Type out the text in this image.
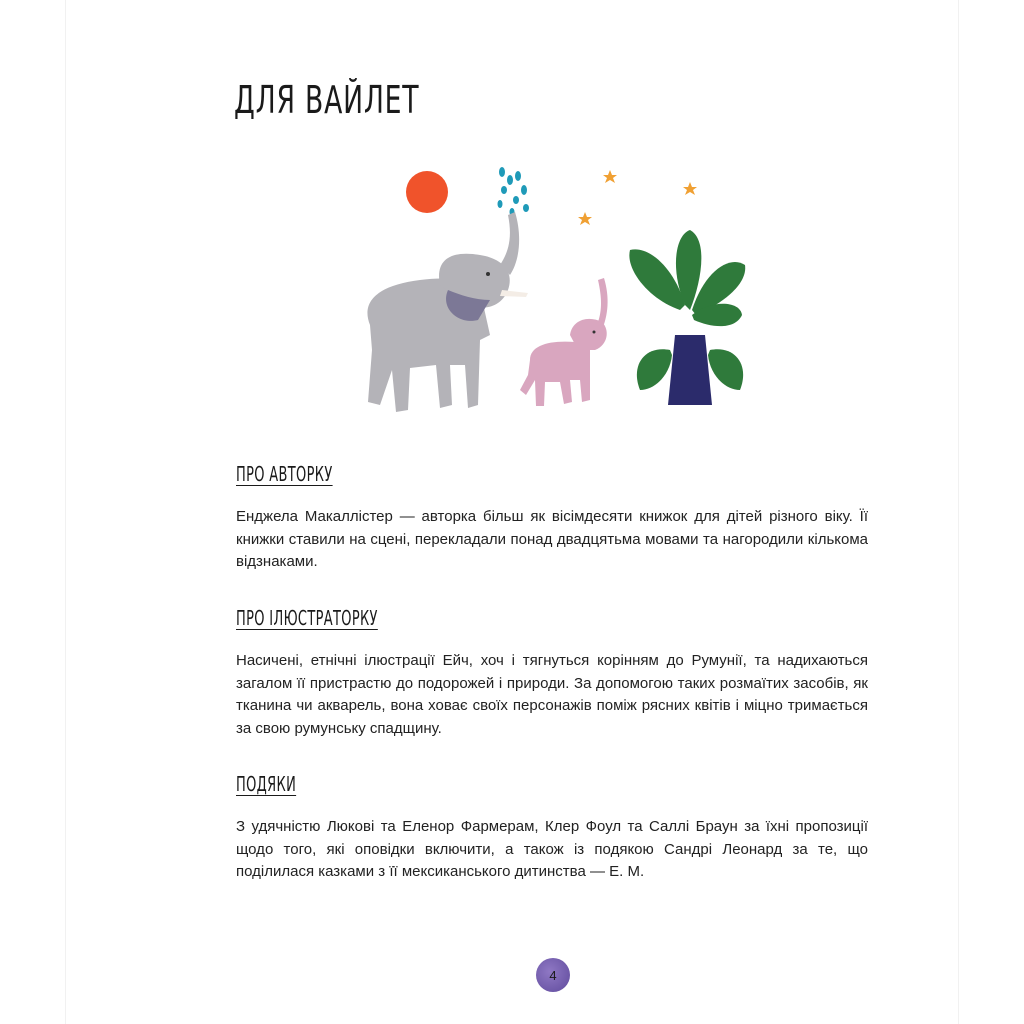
ДЛЯ ВАЙЛЕТ
ПРО АВТОРКУ

Енджела Макаллістер — авторка більш як вісімдесяти книжок для дітей різного віку. Її книжки ставили на сцені, перекладали понад двадцятьма мовами та нагородили кількома відзнаками.

ПРО ІЛЮСТРАТОРКУ

Насичені, етнічні ілюстрації Ейч, хоч і тягнуться корінням до Румунії, та надихаються загалом її пристрастю до подорожей і природи. За допомогою таких розмаїтих засобів, як тканина чи акварель, вона ховає своїх персонажів поміж рясних квітів і міцно тримається за свою румунську спадщину.

ПОДЯКИ

З удячністю Люкові та Еленор Фармерам, Клер Фоул та Саллі Браун за їхні пропозиції щодо того, які оповідки включити, а також із подякою Сандрі Леонард за те, що поділилася казками з її мексиканського дитинства — Е. М.

4
